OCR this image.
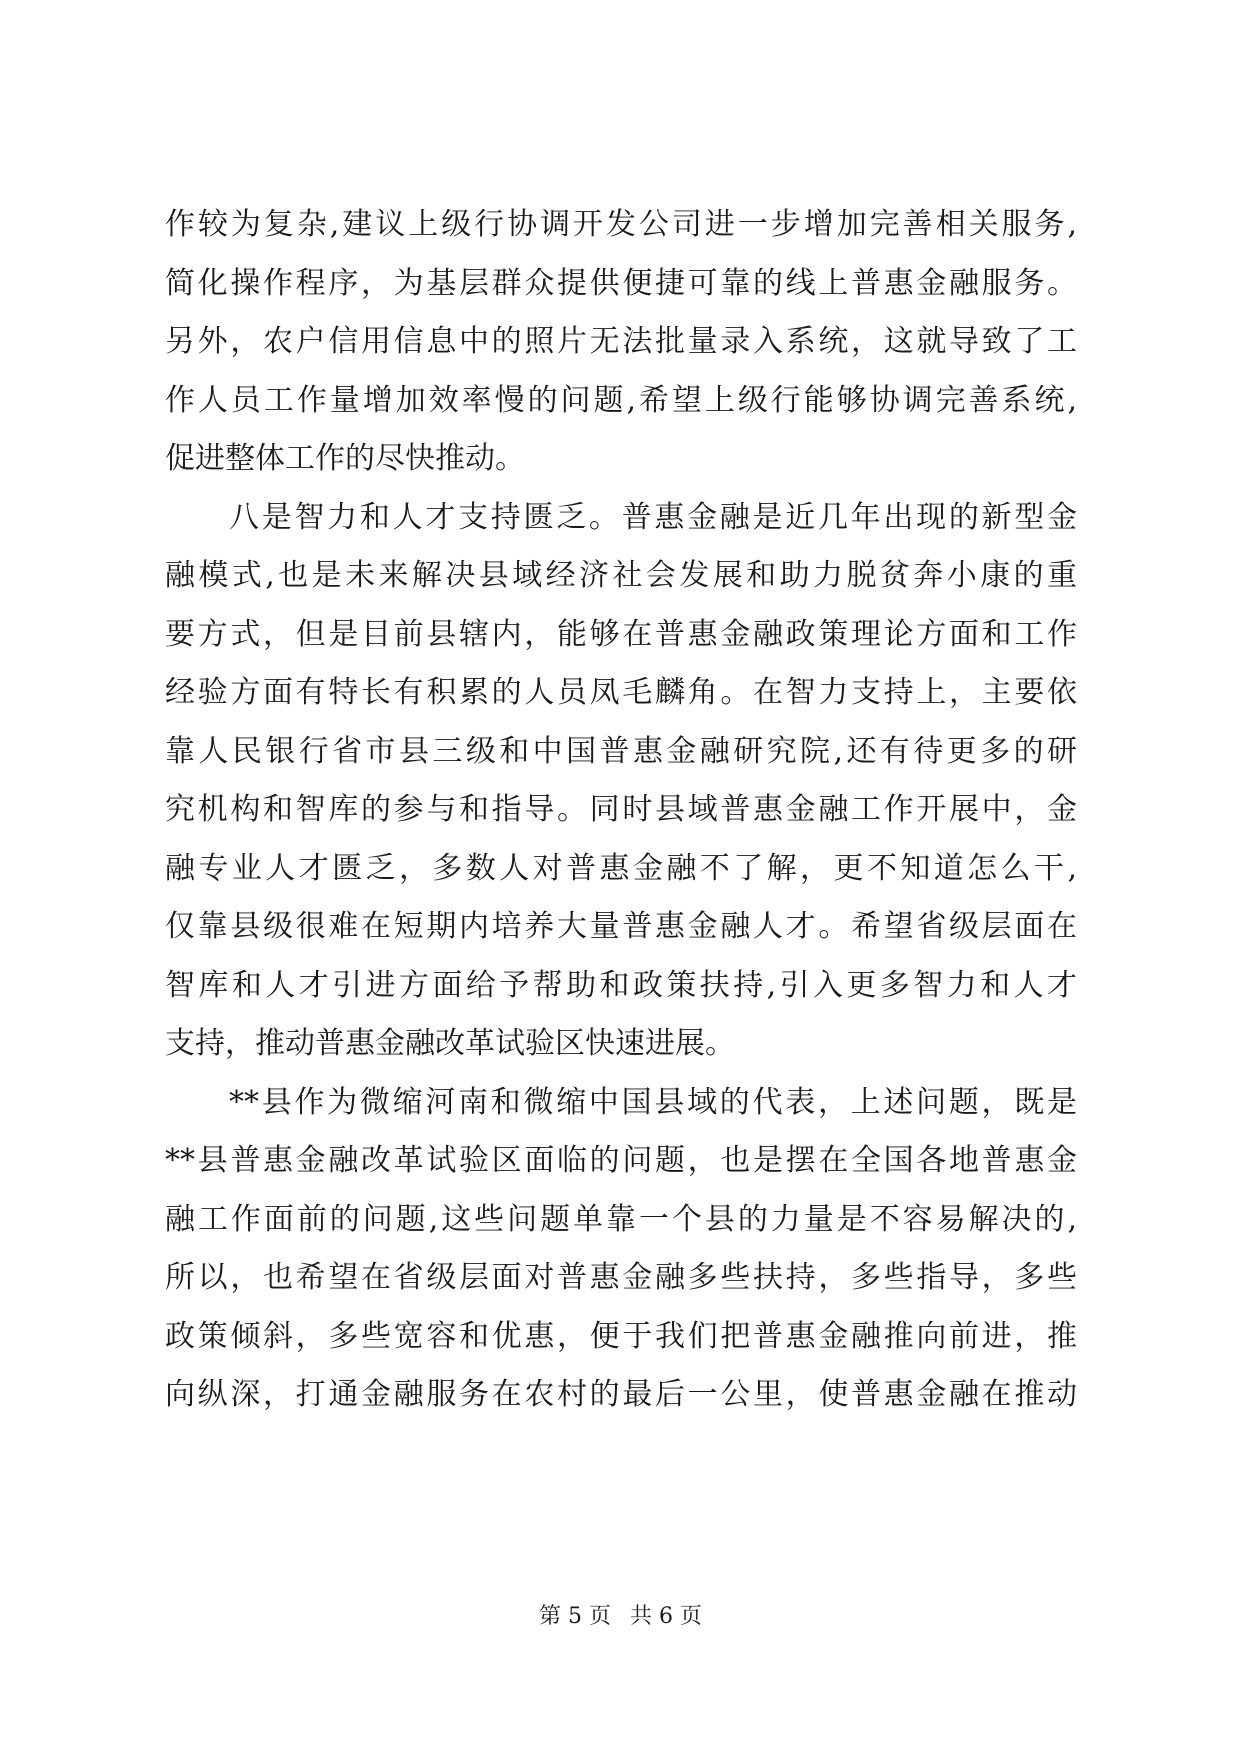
作较为复杂,建议上级行协调开发公司进一步增加完善相关服务,
简化操作程序，为基层群众提供便捷可靠的线上普惠金融服务。
另外，农户信用信息中的照片无法批量录入系统，这就导致了工
作人员工作量增加效率慢的问题,希望上级行能够协调完善系统,
促进整体工作的尽快推动。
八是智力和人才支持匮乏。普惠金融是近几年出现的新型金
融模式,也是未来解决县域经济社会发展和助力脱贫奔小康的重
要方式，但是目前县辖内，能够在普惠金融政策理论方面和工作
经验方面有特长有积累的人员凤毛麟角。在智力支持上，主要依
靠人民银行省市县三级和中国普惠金融研究院,还有待更多的研
究机构和智库的参与和指导。同时县域普惠金融工作开展中，金
融专业人才匮乏，多数人对普惠金融不了解，更不知道怎么干,
仅靠县级很难在短期内培养大量普惠金融人才。希望省级层面在
智库和人才引进方面给予帮助和政策扶持,引入更多智力和人才
支持，推动普惠金融改革试验区快速进展。
**县作为微缩河南和微缩中国县域的代表，上述问题，既是
**县普惠金融改革试验区面临的问题，也是摆在全国各地普惠金
融工作面前的问题,这些问题单靠一个县的力量是不容易解决的,
所以，也希望在省级层面对普惠金融多些扶持，多些指导，多些
政策倾斜，多些宽容和优惠，便于我们把普惠金融推向前进，推
向纵深，打通金融服务在农村的最后一公里，使普惠金融在推动
第 5 页 共 6 页
